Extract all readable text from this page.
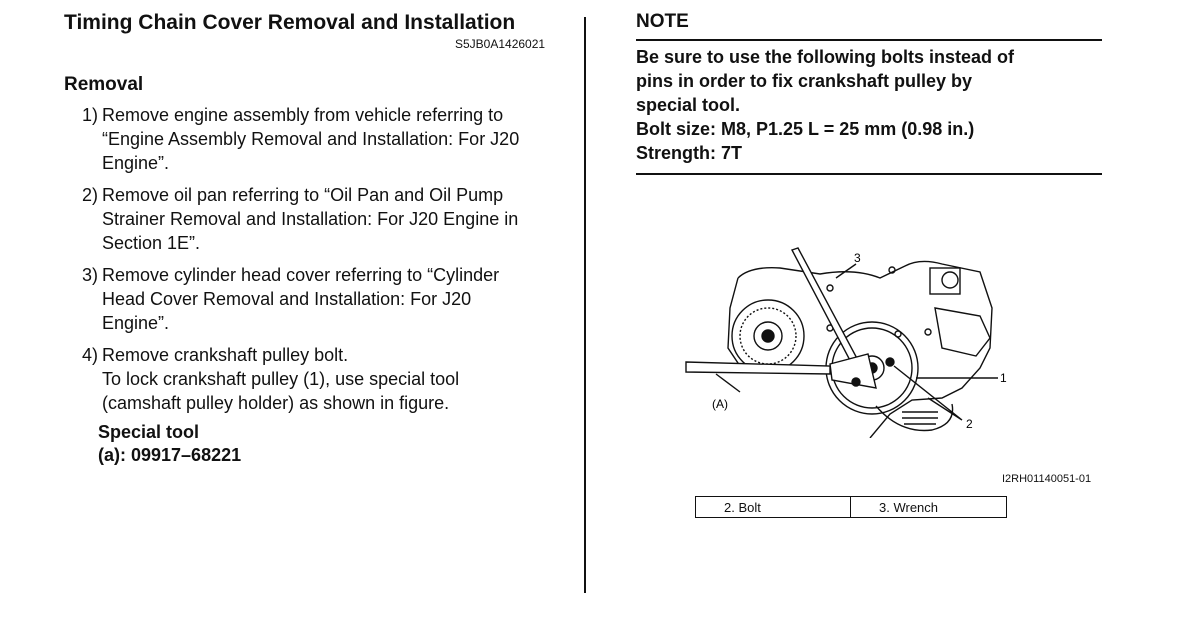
Timing Chain Cover Removal and Installation
S5JB0A1426021
Removal
1) Remove engine assembly from vehicle referring to
“Engine Assembly Removal and Installation: For J20
Engine”.
2) Remove oil pan referring to “Oil Pan and Oil Pump
Strainer Removal and Installation: For J20 Engine in
Section 1E”.
3) Remove cylinder head cover referring to “Cylinder
Head Cover Removal and Installation: For J20
Engine”.
4) Remove crankshaft pulley bolt.
To lock crankshaft pulley (1), use special tool
(camshaft pulley holder) as shown in figure.
Special tool
(a): 09917–68221
NOTE
Be sure to use the following bolts instead of
pins in order to fix crankshaft pulley by
special tool.
Bolt size: M8, P1.25 L = 25 mm (0.98 in.)
Strength: 7T
3
1
2
(A)
I2RH01140051-01
2. Bolt	3. Wrench
